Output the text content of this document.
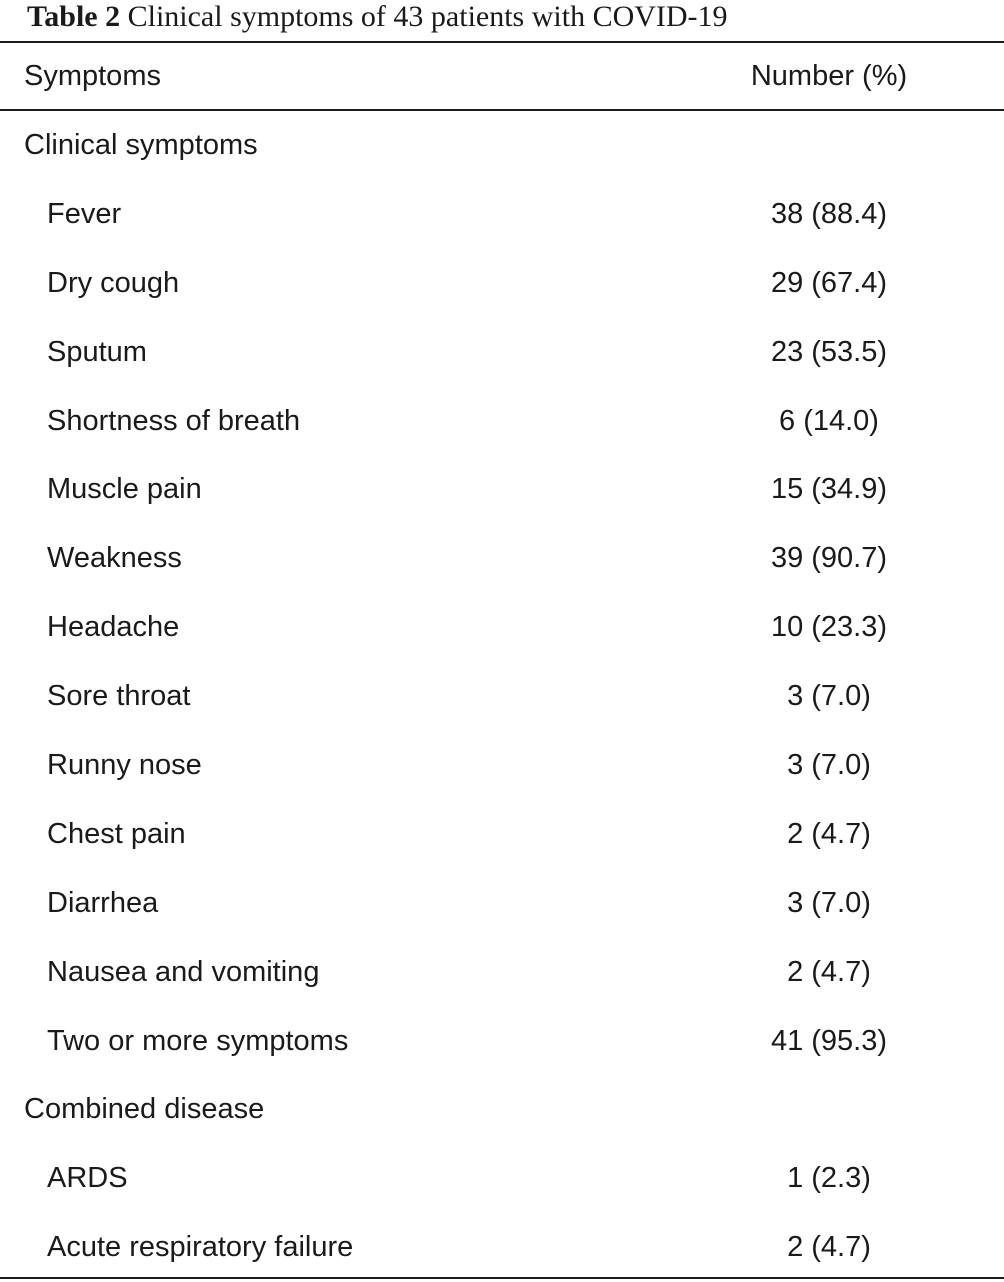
Table 2 Clinical symptoms of 43 patients with COVID-19
Symptoms	Number (%)
Clinical symptoms
Fever	38 (88.4)
Dry cough	29 (67.4)
Sputum	23 (53.5)
Shortness of breath	6 (14.0)
Muscle pain	15 (34.9)
Weakness	39 (90.7)
Headache	10 (23.3)
Sore throat	3 (7.0)
Runny nose	3 (7.0)
Chest pain	2 (4.7)
Diarrhea	3 (7.0)
Nausea and vomiting	2 (4.7)
Two or more symptoms	41 (95.3)
Combined disease
ARDS	1 (2.3)
Acute respiratory failure	2 (4.7)
